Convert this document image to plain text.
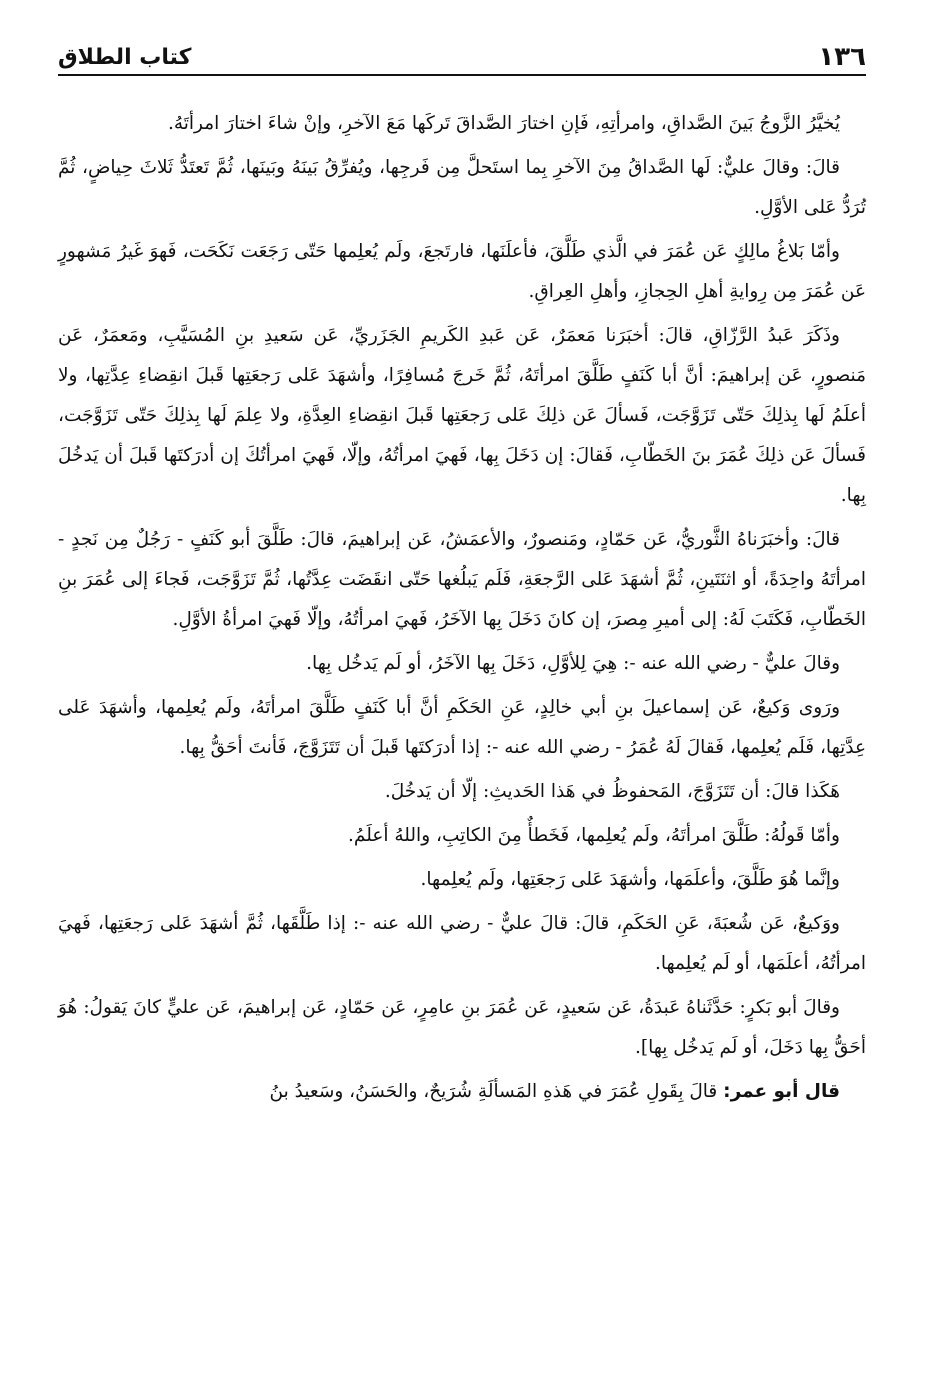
١٣٦
كتاب الطلاق

يُخيَّرُ الزَّوجُ بَينَ الصَّداقِ، وامرأتِهِ، فَإنِ اختارَ الصَّداقَ تَركَها مَعَ الآخرِ، وإنْ شاءَ اختارَ امرأتَهُ.

قالَ: وقالَ عليٌّ: لَها الصَّداقُ مِنَ الآخرِ بِما استَحلَّ مِن فَرجِها، ويُفرِّقُ بَينَهُ وبَينَها، ثُمَّ تَعتَدُّ ثَلاثَ حِياضٍ، ثُمَّ تُرَدُّ عَلى الأوَّلِ.

وأمّا بَلاغُ مالِكٍ عَن عُمَرَ في الَّذي طَلَّقَ، فأعلَنَها، فارتَجعَ، ولَم يُعلِمها حَتّى رَجَعَت نَكَحَت، فَهوَ غَيرُ مَشهورٍ عَن عُمَرَ مِن رِوايةِ أهلِ الحِجازِ، وأهلِ العِراقِ.

وذَكَرَ عَبدُ الرَّزّاقِ، قالَ: أخبَرَنا مَعمَرٌ، عَن عَبدِ الكَريمِ الجَزَريِّ، عَن سَعيدِ بنِ المُسَيَّبِ، ومَعمَرٌ، عَن مَنصورٍ، عَن إبراهيمَ: أنَّ أبا كَنَفٍ طَلَّقَ امرأتَهُ، ثُمَّ خَرجَ مُسافِرًا، وأشهَدَ عَلى رَجعَتِها قَبلَ انقِضاءِ عِدَّتِها، ولا أعلَمُ لَها بِذلِكَ حَتّى تَزَوَّجَت، فَسألَ عَن ذلِكَ عَلى رَجعَتِها قَبلَ انقِضاءِ العِدَّةِ، ولا عِلمَ لَها بِذلِكَ حَتّى تَزَوَّجَت، فَسألَ عَن ذلِكَ عُمَرَ بنَ الخَطّابِ، فَقالَ: إن دَخَلَ بِها، فَهيَ امرأتُهُ، وإلّا، فَهيَ امرأتُكَ إن أدرَكتَها قَبلَ أن يَدخُلَ بِها.

قالَ: وأخبَرَناهُ الثَّوريُّ، عَن حَمّادٍ، ومَنصورٌ، والأعمَشُ، عَن إبراهيمَ، قالَ: طَلَّقَ أبو كَنَفٍ - رَجُلٌ مِن نَجدٍ - امرأتَهُ واحِدَةً، أو اثنَتَينِ، ثُمَّ أشهَدَ عَلى الرَّجعَةِ، فَلَم يَبلُغها حَتّى انقَضَت عِدَّتُها، ثُمَّ تَزَوَّجَت، فَجاءَ إلى عُمَرَ بنِ الخَطّابِ، فَكَتَبَ لَهُ: إلى أميرِ مِصرَ، إن كانَ دَخَلَ بِها الآخَرُ، فَهيَ امرأتُهُ، وإلّا فَهيَ امرأةُ الأوَّلِ.

وقالَ عليٌّ - رضي الله عنه -: هِيَ لِلأوَّلِ، دَخَلَ بِها الآخَرُ، أو لَم يَدخُل بِها.

ورَوى وَكيعٌ، عَن إسماعيلَ بنِ أبي خالِدٍ، عَنِ الحَكَمِ أنَّ أبا كَنَفٍ طَلَّقَ امرأتَهُ، ولَم يُعلِمها، وأشهَدَ عَلى عِدَّتِها، فَلَم يُعلِمها، فَقالَ لَهُ عُمَرُ - رضي الله عنه -: إذا أدرَكتَها قَبلَ أن تَتَزَوَّجَ، فَأنتَ أحَقُّ بِها.

هَكَذا قالَ: أن تَتَزَوَّجَ، المَحفوظُ في هَذا الحَديثِ: إلّا أن يَدخُلَ.

وأمّا قَولُهُ: طَلَّقَ امرأتَهُ، ولَم يُعلِمها، فَخَطأٌ مِنَ الكاتِبِ، واللهُ أعلَمُ.

وإنَّما هُوَ طَلَّقَ، وأعلَمَها، وأشهَدَ عَلى رَجعَتِها، ولَم يُعلِمها.

ووَكيعٌ، عَن شُعبَةَ، عَنِ الحَكَمِ، قالَ: قالَ عليٌّ - رضي الله عنه -: إذا طَلَّقَها، ثُمَّ أشهَدَ عَلى رَجعَتِها، فَهيَ امرأتُهُ، أعلَمَها، أو لَم يُعلِمها.

وقالَ أبو بَكرٍ: حَدَّثَناهُ عَبدَةُ، عَن سَعيدٍ، عَن عُمَرَ بنِ عامِرٍ، عَن حَمّادٍ، عَن إبراهيمَ، عَن عليٍّ كانَ يَقولُ: هُوَ أحَقُّ بِها دَخَلَ، أو لَم يَدخُل بِها].

قال أبو عمر: قالَ بِقَولِ عُمَرَ في هَذهِ المَسألَةِ شُرَيحٌ، والحَسَنُ، وسَعيدُ بنُ
